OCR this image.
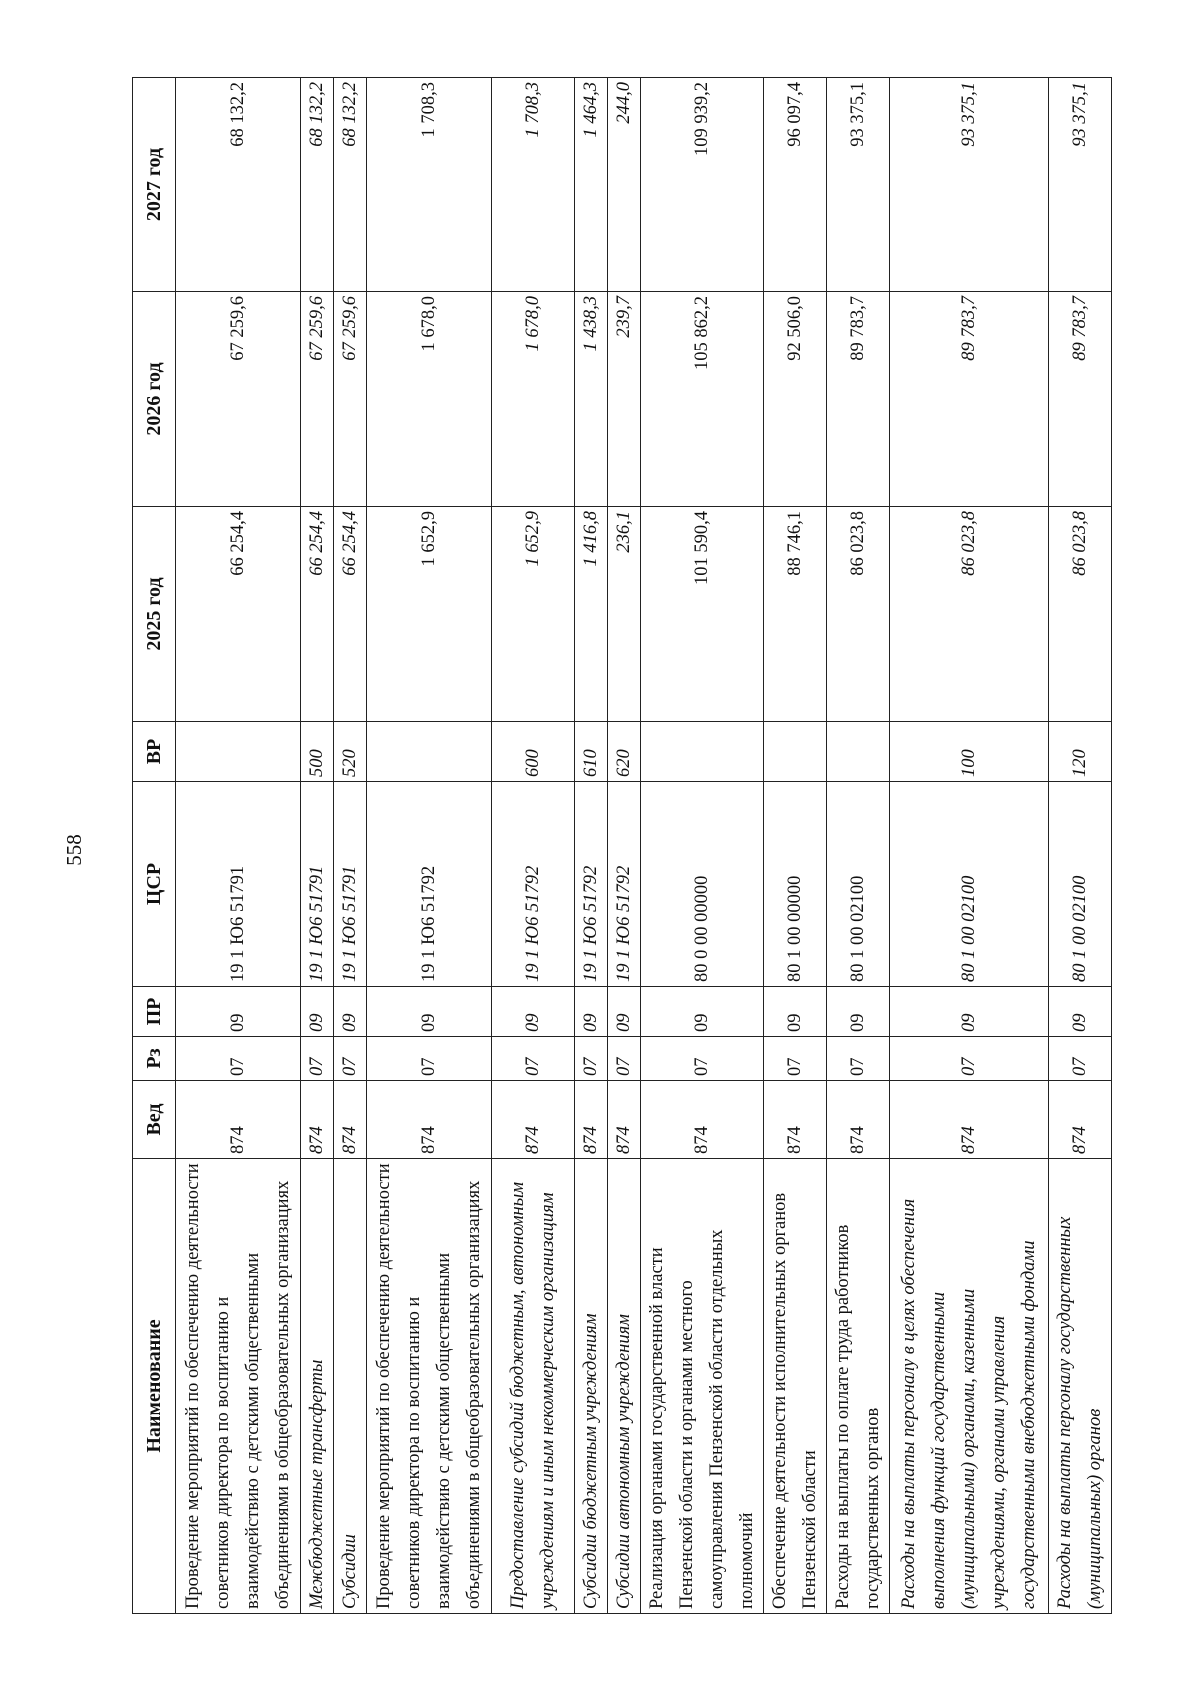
558
Наименование	Вед	Рз	ПР	ЦСР	ВР	2025 год	2026 год	2027 год
Проведение мероприятий по обеспечению деятельности советников директора по воспитанию и взаимодействию с детскими общественными объединениями в общеобразовательных организациях	874	07	09	19 1 Ю6 51791		66 254,4	67 259,6	68 132,2
Межбюджетные трансферты	874	07	09	19 1 Ю6 51791	500	66 254,4	67 259,6	68 132,2
Субсидии	874	07	09	19 1 Ю6 51791	520	66 254,4	67 259,6	68 132,2
Проведение мероприятий по обеспечению деятельности советников директора по воспитанию и взаимодействию с детскими общественными объединениями в общеобразовательных организациях	874	07	09	19 1 Ю6 51792		1 652,9	1 678,0	1 708,3
Предоставление субсидий бюджетным, автономным учреждениям и иным некоммерческим организациям	874	07	09	19 1 Ю6 51792	600	1 652,9	1 678,0	1 708,3
Субсидии бюджетным учреждениям	874	07	09	19 1 Ю6 51792	610	1 416,8	1 438,3	1 464,3
Субсидии автономным учреждениям	874	07	09	19 1 Ю6 51792	620	236,1	239,7	244,0
Реализация органами государственной власти Пензенской области и органами местного самоуправления Пензенской области отдельных полномочий	874	07	09	80 0 00 00000		101 590,4	105 862,2	109 939,2
Обеспечение деятельности исполнительных органов Пензенской области	874	07	09	80 1 00 00000		88 746,1	92 506,0	96 097,4
Расходы на выплаты по оплате труда работников государственных органов	874	07	09	80 1 00 02100		86 023,8	89 783,7	93 375,1
Расходы на выплаты персоналу в целях обеспечения выполнения функций государственными (муниципальными) органами, казенными учреждениями, органами управления государственными внебюджетными фондами	874	07	09	80 1 00 02100	100	86 023,8	89 783,7	93 375,1
Расходы на выплаты персоналу государственных (муниципальных) органов	874	07	09	80 1 00 02100	120	86 023,8	89 783,7	93 375,1
